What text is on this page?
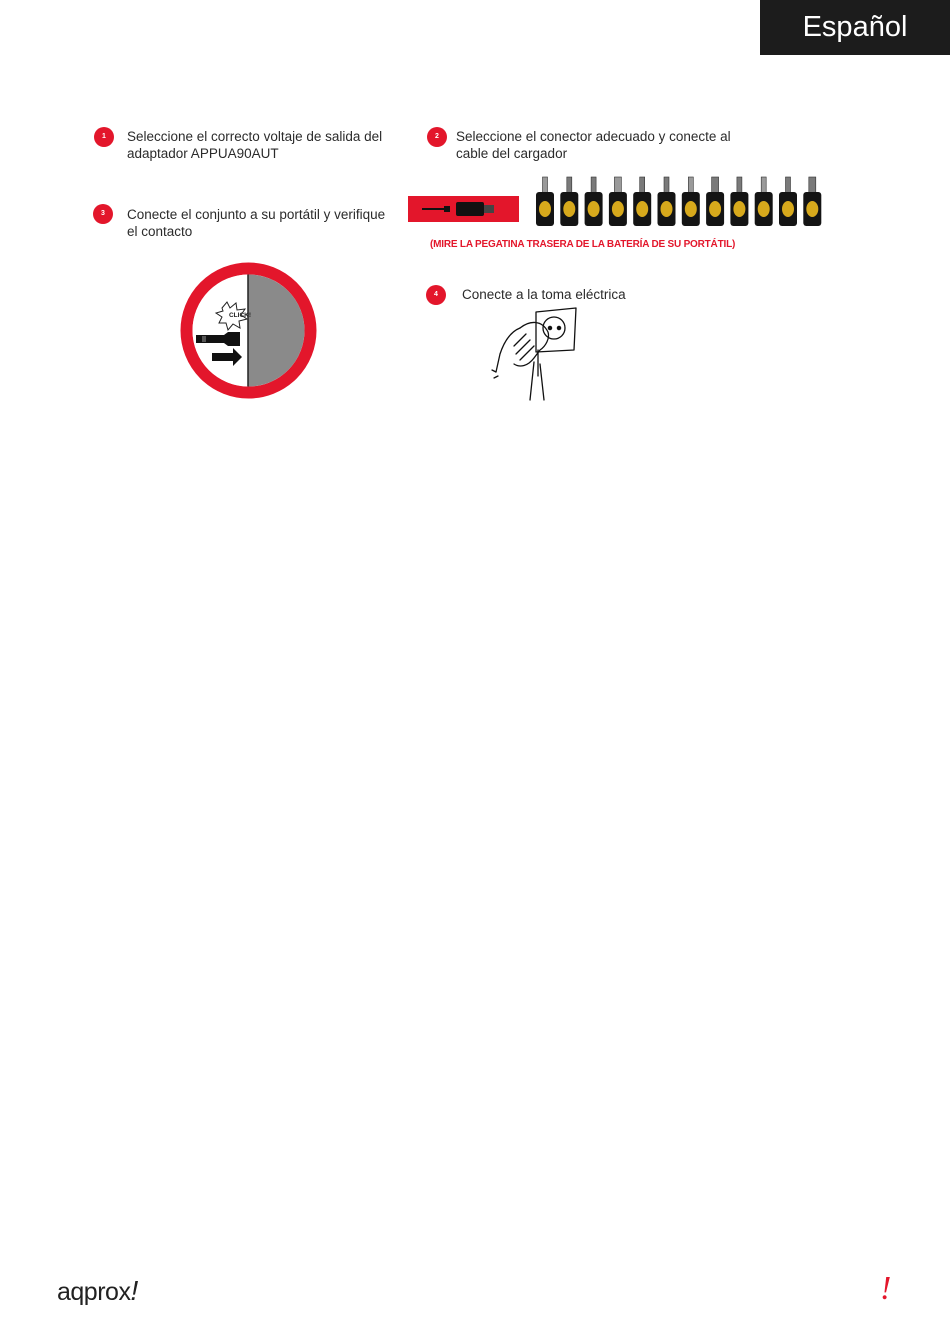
Español
1	Seleccione el correcto voltaje de salida del
adaptador APPUA90AUT
2	Seleccione el conector adecuado y conecte al
cable del cargador
3	Conecte el conjunto a su portátil y verifique
el contacto
4	Conecte a la toma eléctrica
(MIRE LA PEGATINA TRASERA DE LA BATERÍA DE SU PORTÁTIL)
CLICK!
aqprox!	!
